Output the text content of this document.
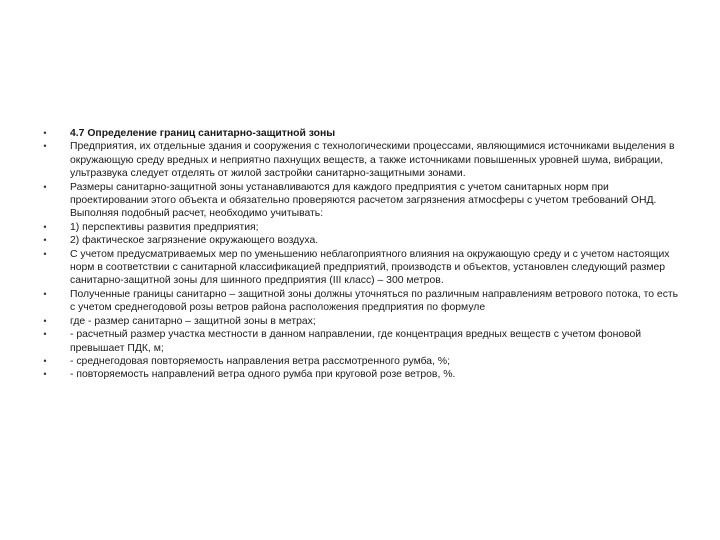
•	4.7 Определение границ санитарно-защитной зоны
•	Предприятия, их отдельные здания и сооружения с технологическими процессами, являющимися источниками выделения в окружающую среду вредных и неприятно пахнущих веществ, а также источниками повышенных уровней шума, вибрации, ультразвука следует отделять от жилой застройки санитарно-защитными зонами.
•	Размеры санитарно-защитной зоны устанавливаются для каждого предприятия с учетом санитарных норм при проектировании этого объекта и обязательно проверяются расчетом загрязнения атмосферы с учетом требований ОНД. Выполняя подобный расчет, необходимо учитывать:
•	1) перспективы развития предприятия;
•	2) фактическое загрязнение окружающего воздуха.
•	С учетом предусматриваемых мер по уменьшению неблагоприятного влияния на окружающую среду и с учетом настоящих норм в соответствии с санитарной классификацией предприятий, производств и объектов, установлен следующий размер санитарно-защитной зоны для шинного предприятия (III класс) – 300 метров.
•	Полученные границы санитарно – защитной зоны должны уточняться по различным направлениям ветрового потока, то есть с учетом среднегодовой розы ветров района расположения предприятия по формуле
•	где - размер санитарно – защитной зоны в метрах;
•	- расчетный размер участка местности в данном направлении, где концентрация вредных веществ с учетом фоновой превышает ПДК, м;
•	- среднегодовая повторяемость направления ветра рассмотренного румба, %;
•	- повторяемость направлений ветра одного румба при круговой розе ветров, %.
